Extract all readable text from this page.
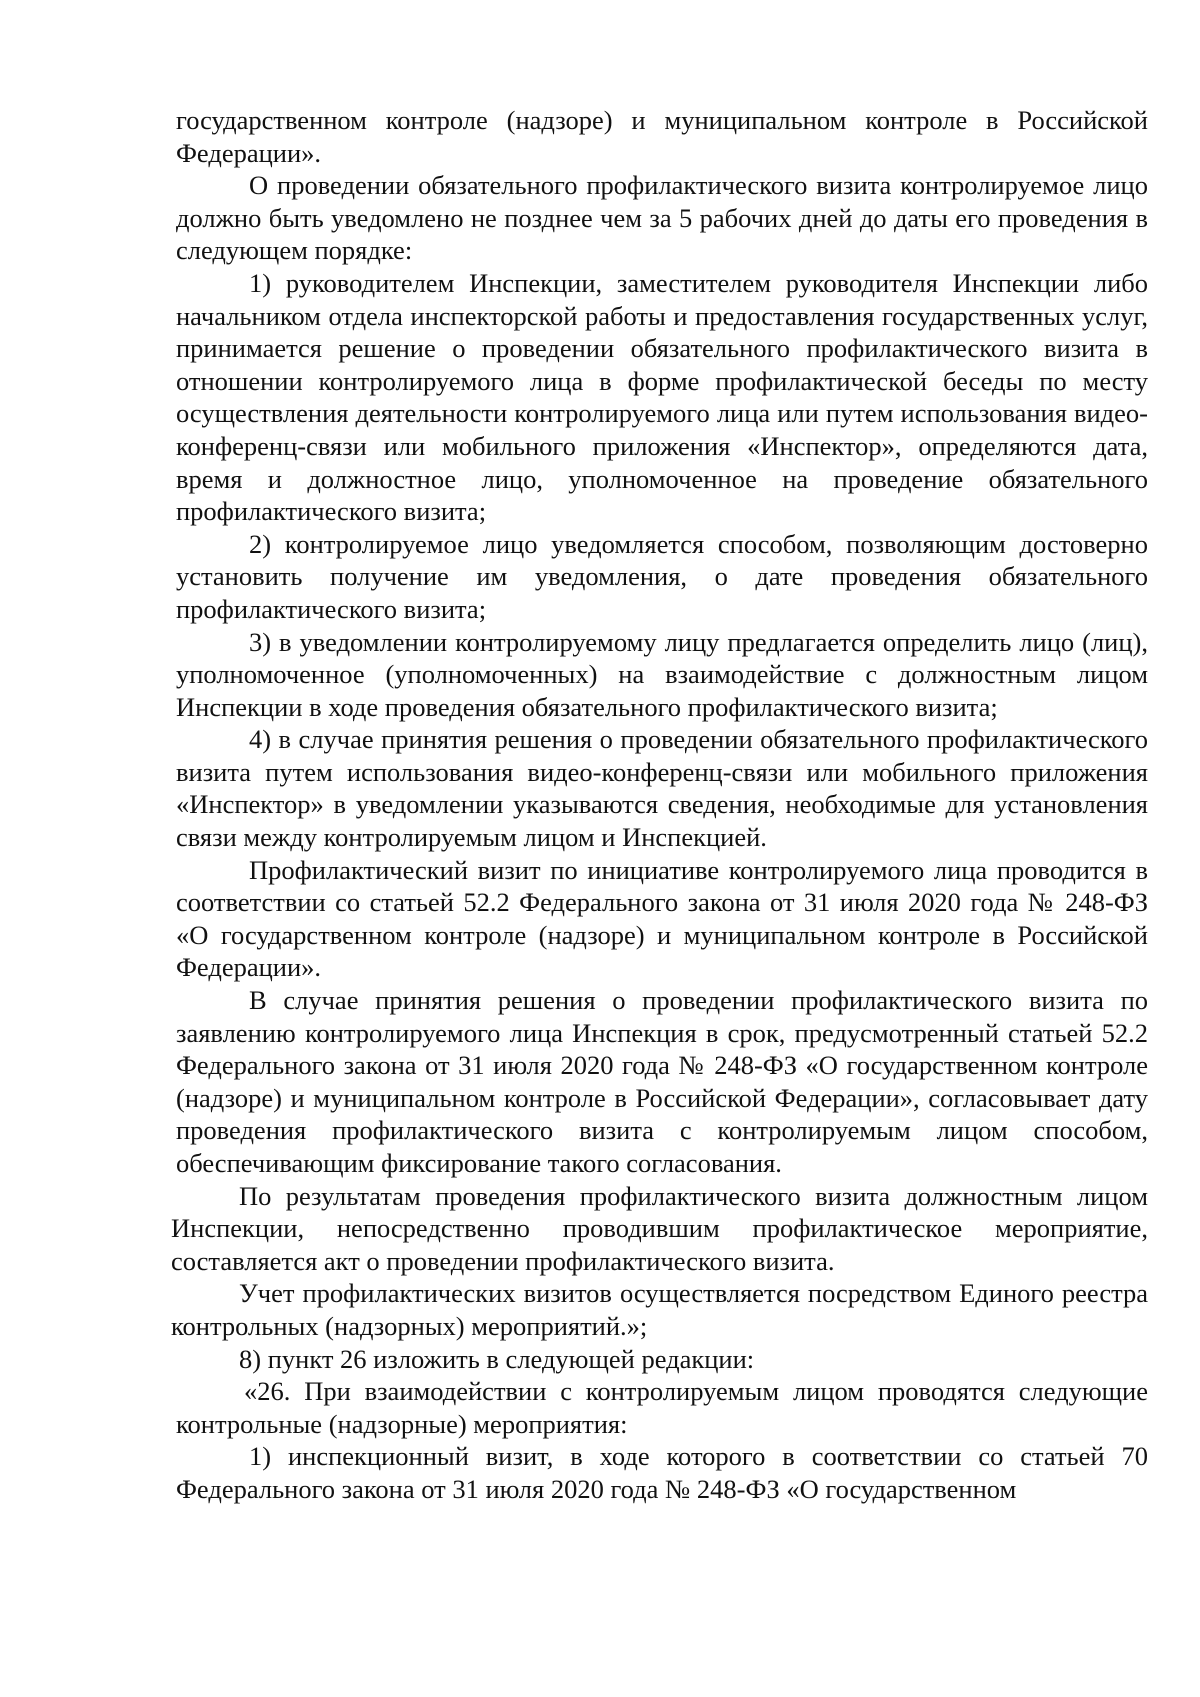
государственном контроле (надзоре) и муниципальном контроле в Российской Федерации».

О проведении обязательного профилактического визита контролируемое лицо должно быть уведомлено не позднее чем за 5 рабочих дней до даты его проведения в следующем порядке:

1) руководителем Инспекции, заместителем руководителя Инспекции либо начальником отдела инспекторской работы и предоставления государственных услуг, принимается решение о проведении обязательного профилактического визита в отношении контролируемого лица в форме профилактической беседы по месту осуществления деятельности контролируемого лица или путем использования видео-конференц-связи или мобильного приложения «Инспектор», определяются дата, время и должностное лицо, уполномоченное на проведение обязательного профилактического визита;

2) контролируемое лицо уведомляется способом, позволяющим достоверно установить получение им уведомления, о дате проведения обязательного профилактического визита;

3) в уведомлении контролируемому лицу предлагается определить лицо (лиц), уполномоченное (уполномоченных) на взаимодействие с должностным лицом Инспекции в ходе проведения обязательного профилактического визита;

4) в случае принятия решения о проведении обязательного профилактического визита путем использования видео-конференц-связи или мобильного приложения «Инспектор» в уведомлении указываются сведения, необходимые для установления связи между контролируемым лицом и Инспекцией.

Профилактический визит по инициативе контролируемого лица проводится в соответствии со статьей 52.2 Федерального закона от 31 июля 2020 года № 248-ФЗ «О государственном контроле (надзоре) и муниципальном контроле в Российской Федерации».

В случае принятия решения о проведении профилактического визита по заявлению контролируемого лица Инспекция в срок, предусмотренный статьей 52.2 Федерального закона от 31 июля 2020 года № 248-ФЗ «О государственном контроле (надзоре) и муниципальном контроле в Российской Федерации», согласовывает дату проведения профилактического визита с контролируемым лицом способом, обеспечивающим фиксирование такого согласования.

По результатам проведения профилактического визита должностным лицом Инспекции, непосредственно проводившим профилактическое мероприятие, составляется акт о проведении профилактического визита.

Учет профилактических визитов осуществляется посредством Единого реестра контрольных (надзорных) мероприятий.»;

8) пункт 26 изложить в следующей редакции:

«26. При взаимодействии с контролируемым лицом проводятся следующие контрольные (надзорные) мероприятия:

1) инспекционный визит, в ходе которого в соответствии со статьей 70 Федерального закона от 31 июля 2020 года № 248-ФЗ «О государственном
